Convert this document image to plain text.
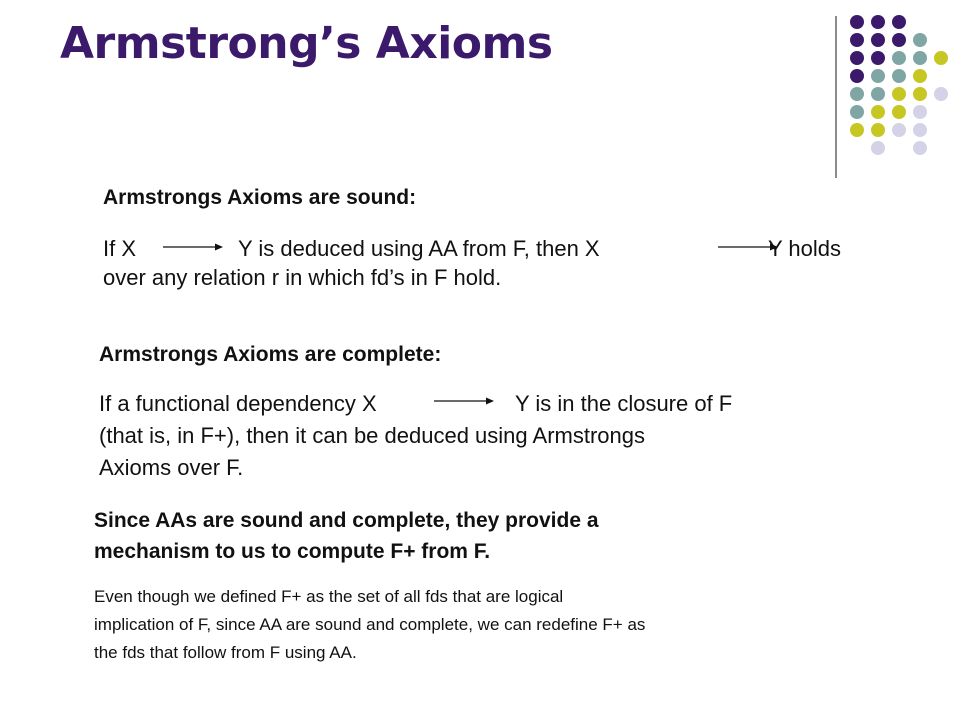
Armstrong’s Axioms
Armstrongs Axioms are sound:
If X	Y is deduced using AA from F, then X	Y holds
over any relation r in which fd’s in F hold.
Armstrongs Axioms are complete:
If a functional dependency X	Y is in the closure of F
(that is, in F+), then it can be deduced using Armstrongs
Axioms over F.
Since AAs are sound and complete, they provide a
mechanism to us to compute F+ from F.
Even though we defined F+ as the set of all fds that are logical
implication of F, since AA are sound and complete, we can redefine F+ as
the fds that follow from F using AA.
